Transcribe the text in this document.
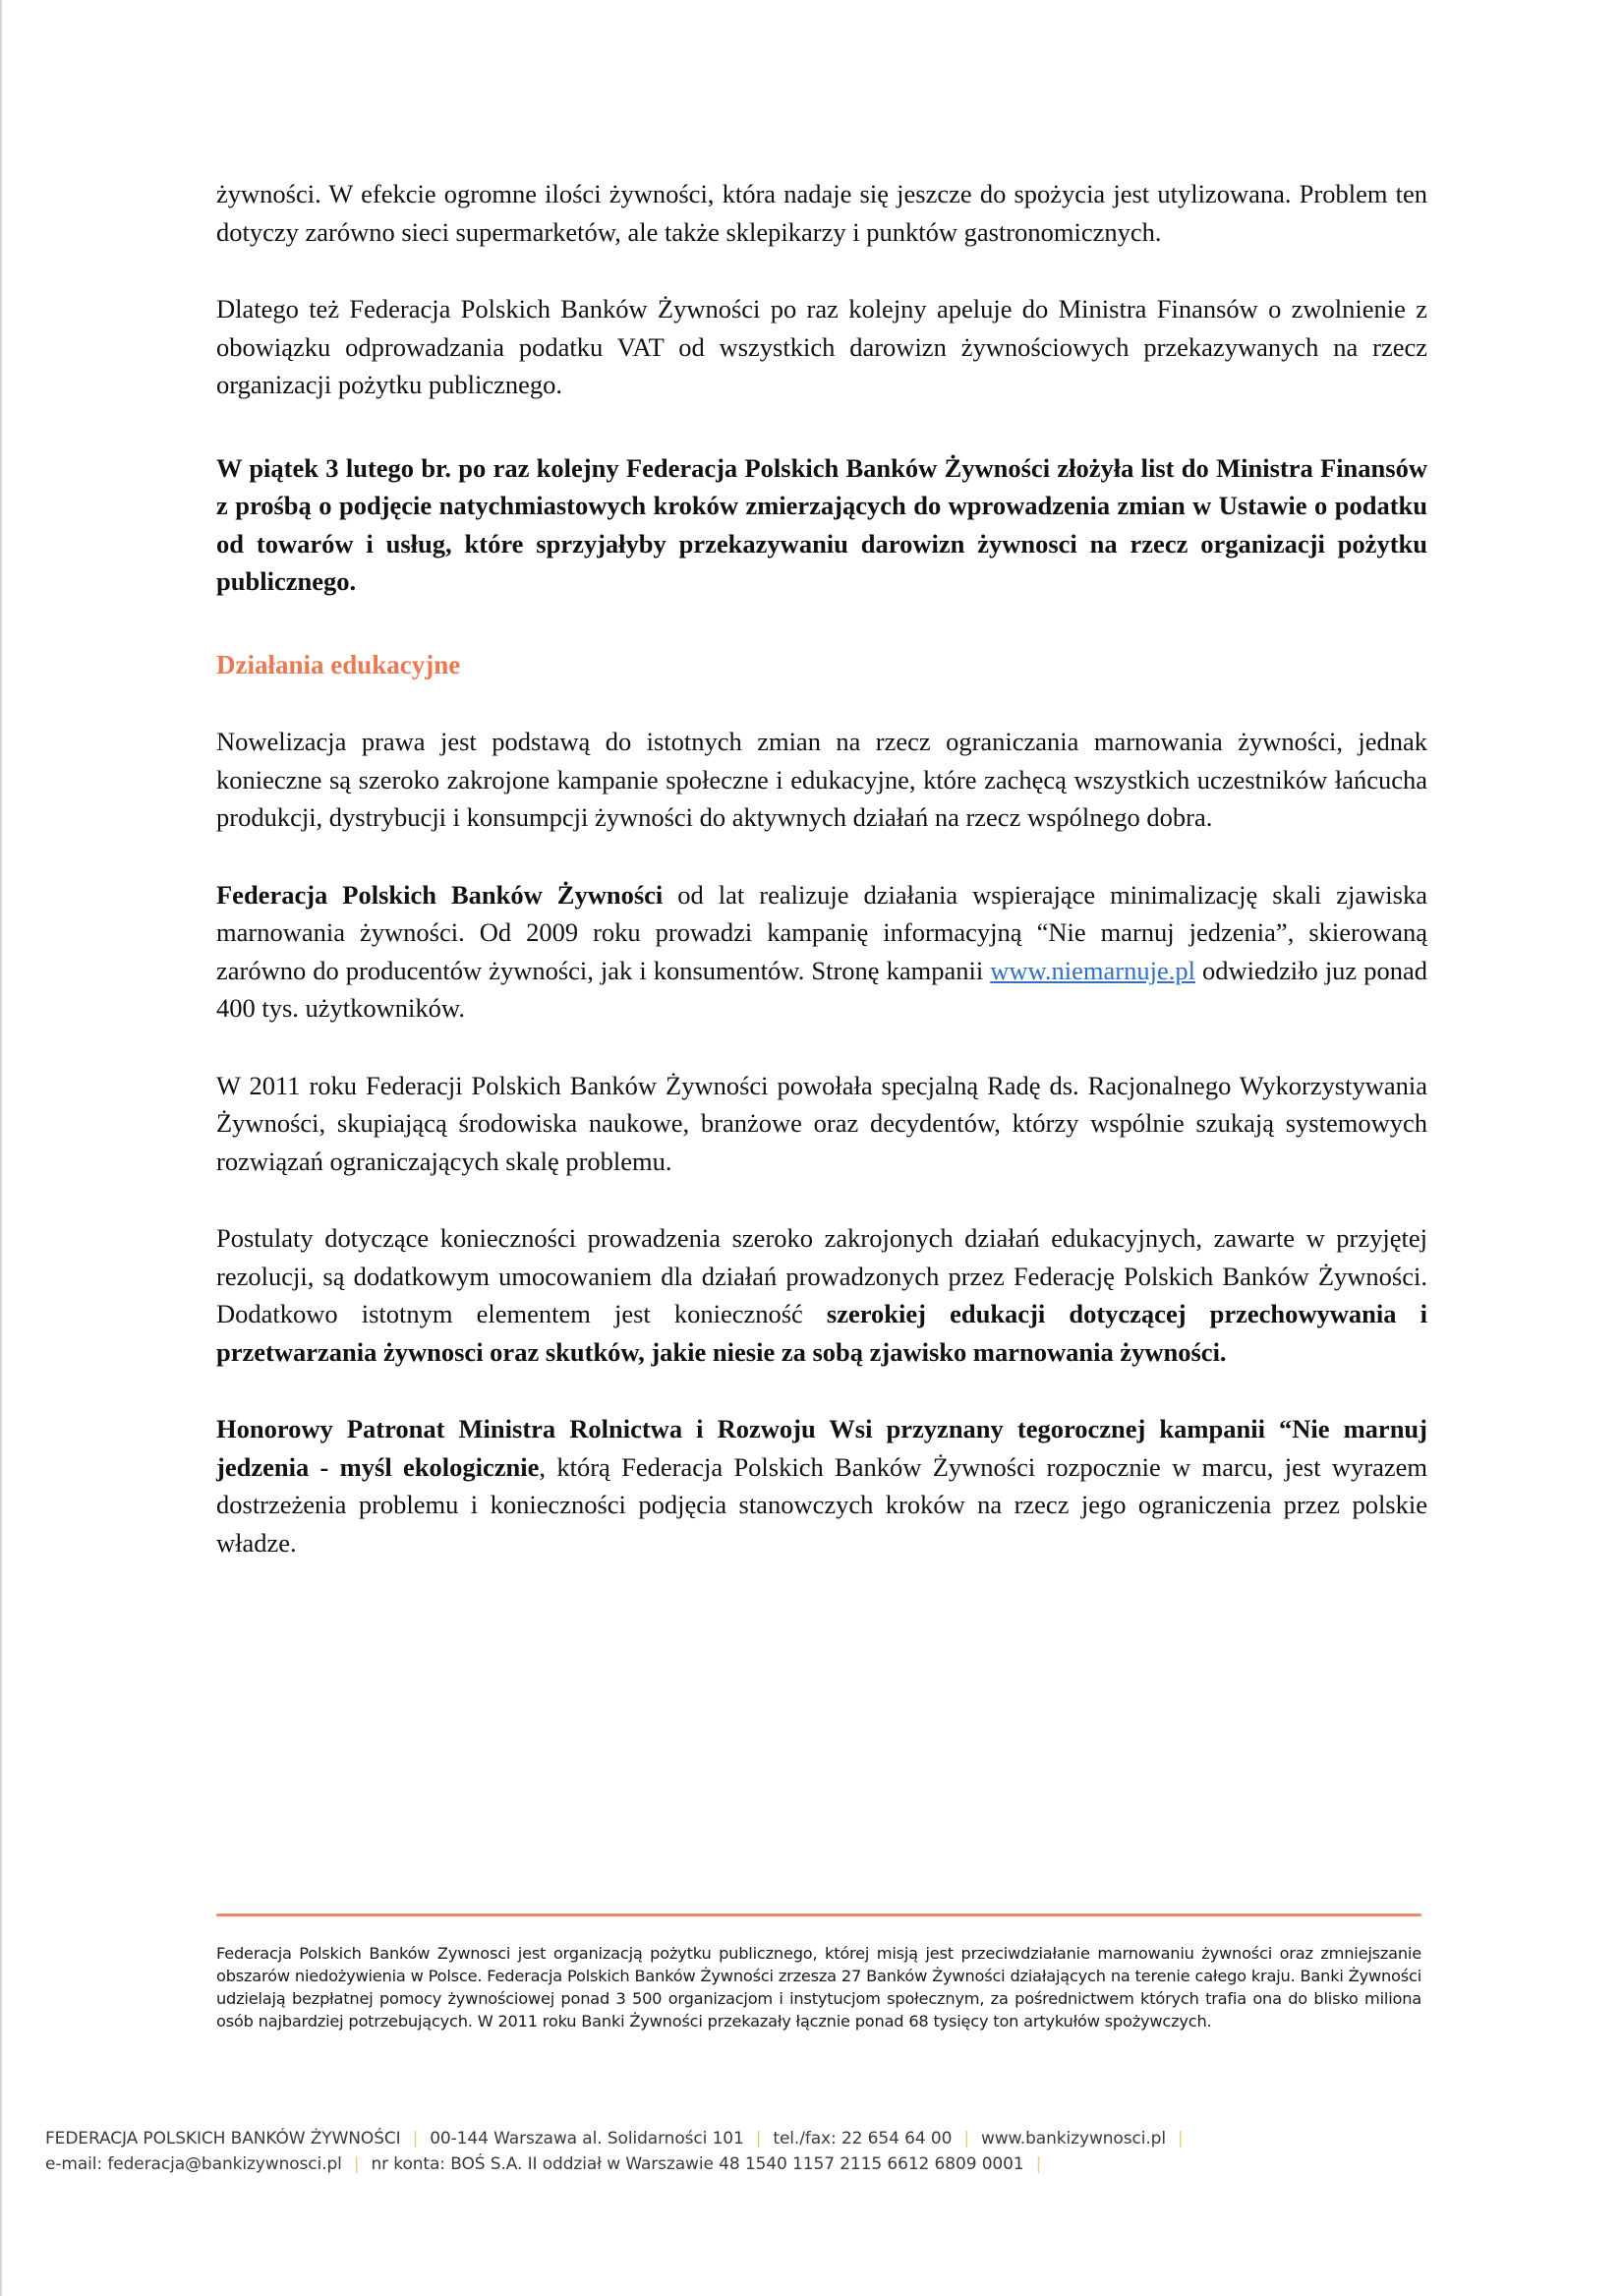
żywności. W efekcie ogromne ilości żywności, która nadaje się jeszcze do spożycia jest utylizowana. Problem ten dotyczy zarówno sieci supermarketów, ale także sklepikarzy i punktów gastronomicznych.

Dlatego też Federacja Polskich Banków Żywności po raz kolejny apeluje do Ministra Finansów o zwolnienie z obowiązku odprowadzania podatku VAT od wszystkich darowizn żywnościowych przekazywanych na rzecz organizacji pożytku publicznego.

W piątek 3 lutego br. po raz kolejny Federacja Polskich Banków Żywności złożyła list do Ministra Finansów z prośbą o podjęcie natychmiastowych kroków zmierzających do wprowadzenia zmian w Ustawie o podatku od towarów i usług, które sprzyjałyby przekazywaniu darowizn żywnosci na rzecz organizacji pożytku publicznego.

Działania edukacyjne

Nowelizacja prawa jest podstawą do istotnych zmian na rzecz ograniczania marnowania żywności, jednak konieczne są szeroko zakrojone kampanie społeczne i edukacyjne, które zachęcą wszystkich uczestników łańcucha produkcji, dystrybucji i konsumpcji żywności do aktywnych działań na rzecz wspólnego dobra.

Federacja Polskich Banków Żywności od lat realizuje działania wspierające minimalizację skali zjawiska marnowania żywności. Od 2009 roku prowadzi kampanię informacyjną “Nie marnuj jedzenia”, skierowaną zarówno do producentów żywności, jak i konsumentów. Stronę kampanii www.niemarnuje.pl odwiedziło juz ponad 400 tys. użytkowników.

W 2011 roku Federacji Polskich Banków Żywności powołała specjalną Radę ds. Racjonalnego Wykorzystywania Żywności, skupiającą środowiska naukowe, branżowe oraz decydentów, którzy wspólnie szukają systemowych rozwiązań ograniczających skalę problemu.

Postulaty dotyczące konieczności prowadzenia szeroko zakrojonych działań edukacyjnych, zawarte w przyjętej rezolucji, są dodatkowym umocowaniem dla działań prowadzonych przez Federację Polskich Banków Żywności. Dodatkowo istotnym elementem jest konieczność szerokiej edukacji dotyczącej przechowywania i przetwarzania żywnosci oraz skutków, jakie niesie za sobą zjawisko marnowania żywności.

Honorowy Patronat Ministra Rolnictwa i Rozwoju Wsi przyznany tegorocznej kampanii “Nie marnuj jedzenia - myśl ekologicznie, którą Federacja Polskich Banków Żywności rozpocznie w marcu, jest wyrazem dostrzeżenia problemu i konieczności podjęcia stanowczych kroków na rzecz jego ograniczenia przez polskie władze.

Federacja Polskich Banków Zywnosci jest organizacją pożytku publicznego, której misją jest przeciwdziałanie marnowaniu żywności oraz zmniejszanie obszarów niedożywienia w Polsce. Federacja Polskich Banków Żywności zrzesza 27 Banków Żywności działających na terenie całego kraju. Banki Żywności udzielają bezpłatnej pomocy żywnościowej ponad 3 500 organizacjom i instytucjom społecznym, za pośrednictwem których trafia ona do blisko miliona osób najbardziej potrzebujących. W 2011 roku Banki Żywności przekazały łącznie ponad 68 tysięcy ton artykułów spożywczych.
FEDERACJA POLSKICH BANKÓW ŻYWNOŚCI | 00-144 Warszawa al. Solidarności 101 | tel./fax: 22 654 64 00 | www.bankizywnosci.pl |
e-mail: federacja@bankizywnosci.pl | nr konta: BOŚ S.A. II oddział w Warszawie 48 1540 1157 2115 6612 6809 0001 |
